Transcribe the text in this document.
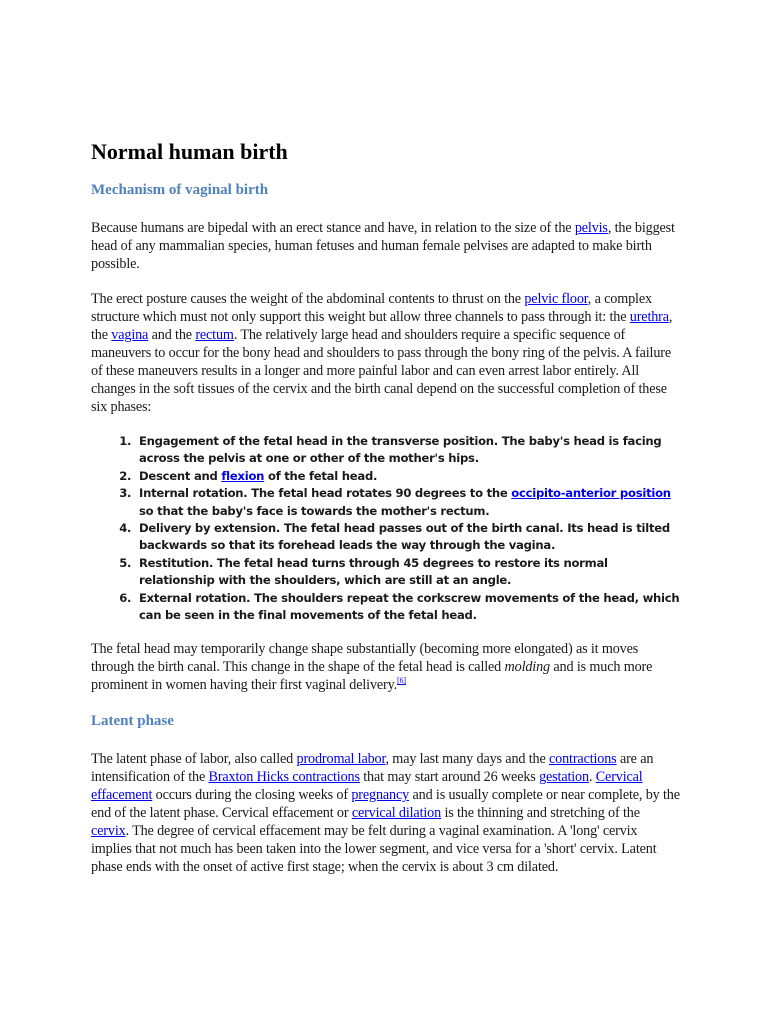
Normal human birth
Mechanism of vaginal birth

Because humans are bipedal with an erect stance and have, in relation to the size of the pelvis, the biggest head of any mammalian species, human fetuses and human female pelvises are adapted to make birth possible.

The erect posture causes the weight of the abdominal contents to thrust on the pelvic floor, a complex structure which must not only support this weight but allow three channels to pass through it: the urethra, the vagina and the rectum. The relatively large head and shoulders require a specific sequence of maneuvers to occur for the bony head and shoulders to pass through the bony ring of the pelvis. A failure of these maneuvers results in a longer and more painful labor and can even arrest labor entirely. All changes in the soft tissues of the cervix and the birth canal depend on the successful completion of these six phases:

1. Engagement of the fetal head in the transverse position. The baby's head is facing across the pelvis at one or other of the mother's hips.
2. Descent and flexion of the fetal head.
3. Internal rotation. The fetal head rotates 90 degrees to the occipito-anterior position so that the baby's face is towards the mother's rectum.
4. Delivery by extension. The fetal head passes out of the birth canal. Its head is tilted backwards so that its forehead leads the way through the vagina.
5. Restitution. The fetal head turns through 45 degrees to restore its normal relationship with the shoulders, which are still at an angle.
6. External rotation. The shoulders repeat the corkscrew movements of the head, which can be seen in the final movements of the fetal head.

The fetal head may temporarily change shape substantially (becoming more elongated) as it moves through the birth canal. This change in the shape of the fetal head is called molding and is much more prominent in women having their first vaginal delivery.[6]

Latent phase

The latent phase of labor, also called prodromal labor, may last many days and the contractions are an intensification of the Braxton Hicks contractions that may start around 26 weeks gestation. Cervical effacement occurs during the closing weeks of pregnancy and is usually complete or near complete, by the end of the latent phase. Cervical effacement or cervical dilation is the thinning and stretching of the cervix. The degree of cervical effacement may be felt during a vaginal examination. A 'long' cervix implies that not much has been taken into the lower segment, and vice versa for a 'short' cervix. Latent phase ends with the onset of active first stage; when the cervix is about 3 cm dilated.
